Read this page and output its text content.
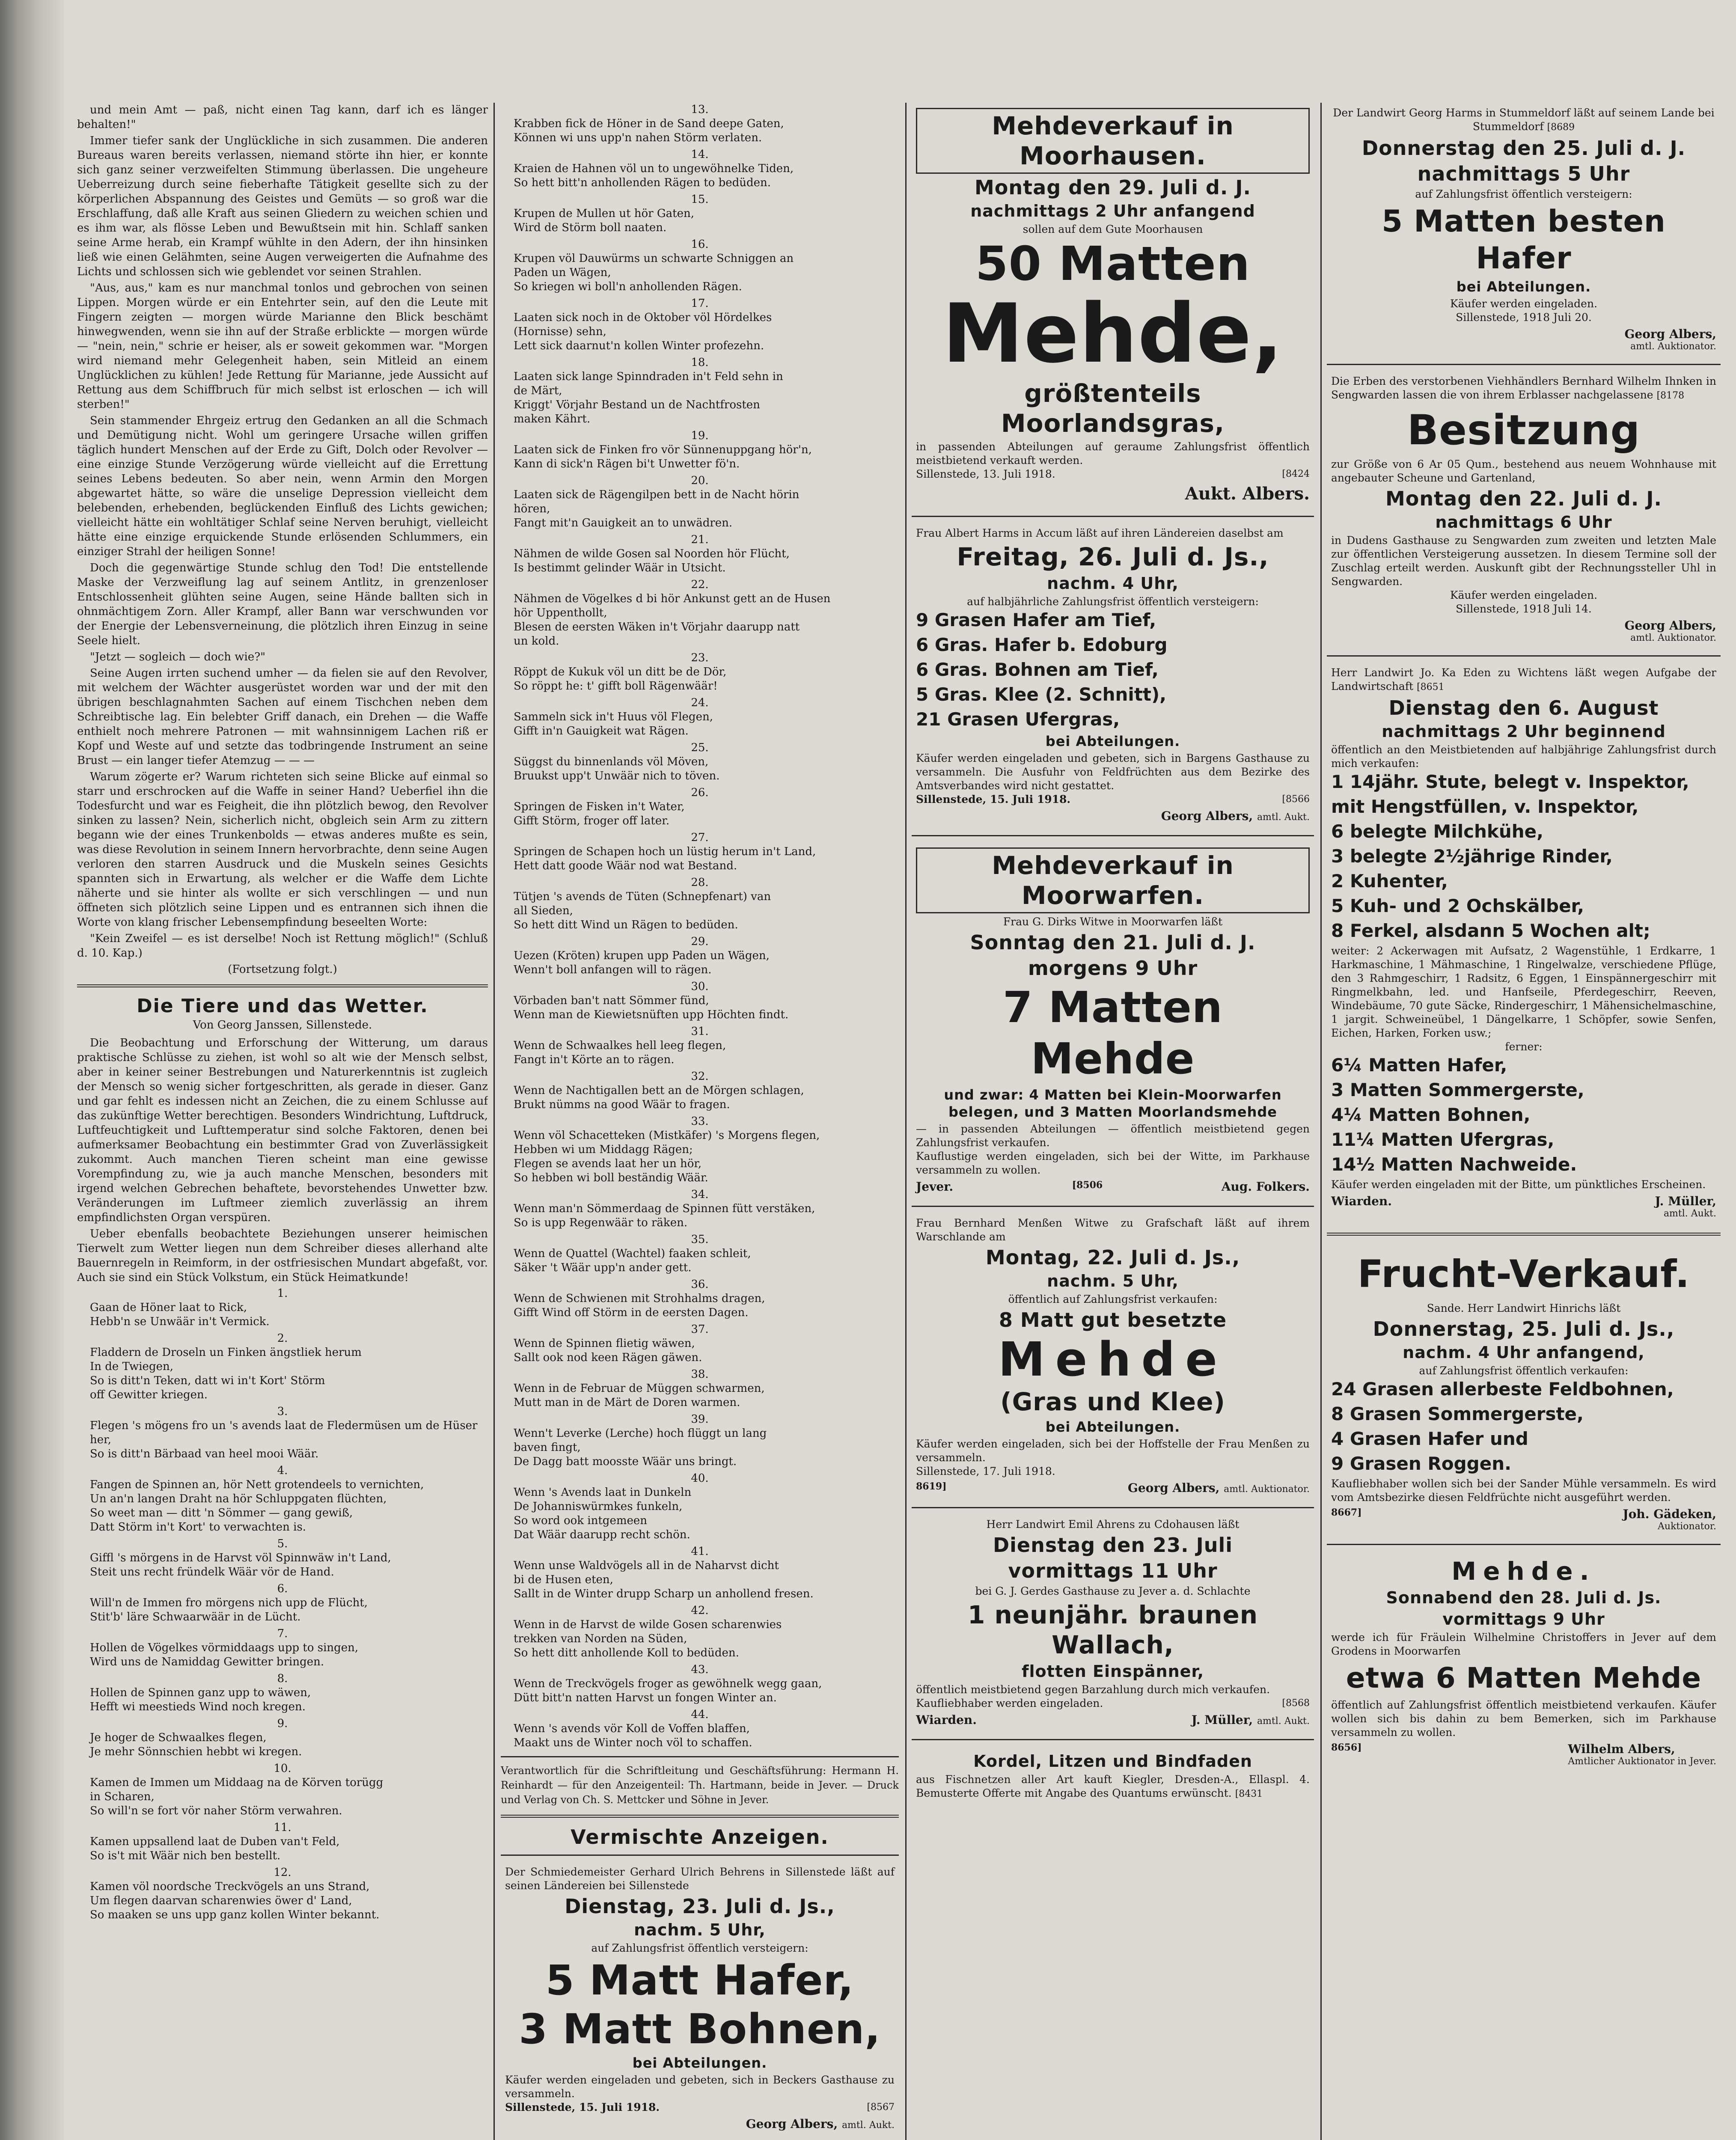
und mein Amt — paß, nicht einen Tag kann, darf ich es länger behalten!"

Immer tiefer sank der Unglückliche in sich zusammen. Die anderen Bureaus waren bereits verlassen, niemand störte ihn hier, er konnte sich ganz seiner verzweifelten Stimmung überlassen. Die ungeheure Ueberreizung durch seine fieberhafte Tätigkeit gesellte sich zu der körperlichen Abspannung des Geistes und Gemüts — so groß war die Erschlaffung, daß alle Kraft aus seinen Gliedern zu weichen schien und es ihm war, als flösse Leben und Bewußtsein mit hin. Schlaff sanken seine Arme herab, ein Krampf wühlte in den Adern, der ihn hinsinken ließ wie einen Gelähmten, seine Augen verweigerten die Aufnahme des Lichts und schlossen sich wie geblendet vor seinen Strahlen.

"Aus, aus," kam es nur manchmal tonlos und gebrochen von seinen Lippen. Morgen würde er ein Entehrter sein, auf den die Leute mit Fingern zeigten — morgen würde Marianne den Blick beschämt hinwegwenden, wenn sie ihn auf der Straße erblickte — morgen würde — "nein, nein," schrie er heiser, als er soweit gekommen war. "Morgen wird niemand mehr Gelegenheit haben, sein Mitleid an einem Unglücklichen zu kühlen! Jede Rettung für Marianne, jede Aussicht auf Rettung aus dem Schiffbruch für mich selbst ist erloschen — ich will sterben!"

Sein stammender Ehrgeiz ertrug den Gedanken an all die Schmach und Demütigung nicht. Wohl um geringere Ursache willen griffen täglich hundert Menschen auf der Erde zu Gift, Dolch oder Revolver — eine einzige Stunde Verzögerung würde vielleicht auf die Errettung seines Lebens bedeuten. So aber nein, wenn Armin den Morgen abgewartet hätte, so wäre die unselige Depression vielleicht dem belebenden, erhebenden, beglückenden Einfluß des Lichts gewichen; vielleicht hätte ein wohltätiger Schlaf seine Nerven beruhigt, vielleicht hätte eine einzige erquickende Stunde erlösenden Schlummers, ein einziger Strahl der heiligen Sonne!

Doch die gegenwärtige Stunde schlug den Tod! Die entstellende Maske der Verzweiflung lag auf seinem Antlitz, in grenzenloser Entschlossenheit glühten seine Augen, seine Hände ballten sich in ohnmächtigem Zorn. Aller Krampf, aller Bann war verschwunden vor der Energie der Lebensverneinung, die plötzlich ihren Einzug in seine Seele hielt.

"Jetzt — sogleich — doch wie?"

Seine Augen irrten suchend umher — da fielen sie auf den Revolver, mit welchem der Wächter ausgerüstet worden war und der mit den übrigen beschlagnahmten Sachen auf einem Tischchen neben dem Schreibtische lag. Ein belebter Griff danach, ein Drehen — die Waffe enthielt noch mehrere Patronen — mit wahnsinnigem Lachen riß er Kopf und Weste auf und setzte das todbringende Instrument an seine Brust — ein langer tiefer Atemzug — — —

Warum zögerte er? Warum richteten sich seine Blicke auf einmal so starr und erschrocken auf die Waffe in seiner Hand? Ueberfiel ihn die Todesfurcht und war es Feigheit, die ihn plötzlich bewog, den Revolver sinken zu lassen? Nein, sicherlich nicht, obgleich sein Arm zu zittern begann wie der eines Trunkenbolds — etwas anderes mußte es sein, was diese Revolution in seinem Innern hervorbrachte, denn seine Augen verloren den starren Ausdruck und die Muskeln seines Gesichts spannten sich in Erwartung, als welcher er die Waffe dem Lichte näherte und sie hinter als wollte er sich verschlingen — und nun öffneten sich plötzlich seine Lippen und es entrannen sich ihnen die Worte von klang frischer Lebensempfindung beseelten Worte:

"Kein Zweifel — es ist derselbe! Noch ist Rettung möglich!" (Schluß d. 10. Kap.)

(Fortsetzung folgt.)

Die Tiere und das Wetter.
Von Georg Janssen, Sillenstede.

Die Beobachtung und Erforschung der Witterung, um daraus praktische Schlüsse zu ziehen, ist wohl so alt wie der Mensch selbst, aber in keiner seiner Bestrebungen und Naturerkenntnis ist zugleich der Mensch so wenig sicher fortgeschritten, als gerade in dieser. Ganz und gar fehlt es indessen nicht an Zeichen, die zu einem Schlusse auf das zukünftige Wetter berechtigen. Besonders Windrichtung, Luftdruck, Luftfeuchtigkeit und Lufttemperatur sind solche Faktoren, denen bei aufmerksamer Beobachtung ein bestimmter Grad von Zuverlässigkeit zukommt. Auch manchen Tieren scheint man eine gewisse Vorempfindung zu, wie ja auch manche Menschen, besonders mit irgend welchen Gebrechen behaftete, bevorstehendes Unwetter bzw. Veränderungen im Luftmeer ziemlich zuverlässig an ihrem empfindlichsten Organ verspüren.

Ueber ebenfalls beobachtete Beziehungen unserer heimischen Tierwelt zum Wetter liegen nun dem Schreiber dieses allerhand alte Bauernregeln in Reimform, in der ostfriesischen Mundart abgefaßt, vor. Auch sie sind ein Stück Volkstum, ein Stück Heimatkunde!

1.
Gaan de Höner laat to Rick,
Hebb'n se Unwäär in't Vermick.
2.
Fladdern de Droseln un Finken ängstliek herum
In de Twiegen,
So is ditt'n Teken, datt wi in't Kort' Störm
off Gewitter kriegen.
3.
Flegen 's mögens fro un 's avends laat de Fledermüsen um de Hüser her,
So is ditt'n Bärbaad van heel mooi Wäär.
4.
Fangen de Spinnen an, hör Nett grotendeels to vernichten,
Un an'n langen Draht na hör Schluppgaten flüchten,
So weet man — ditt 'n Sömmer — gang gewiß,
Datt Störm in't Kort' to verwachten is.
5.
Giffl 's mörgens in de Harvst völ Spinnwäw in't Land,
Steit uns recht fründelk Wäär vör de Hand.
6.
Will'n de Immen fro mörgens nich upp de Flücht,
Stit'b' läre Schwaarwäär in de Lücht.
7.
Hollen de Vögelkes vörmiddaags upp to singen,
Wird uns de Namiddag Gewitter bringen.
8.
Hollen de Spinnen ganz upp to wäwen,
Hefft wi meestieds Wind noch kregen.
9.
Je hoger de Schwaalkes flegen,
Je mehr Sönnschien hebbt wi kregen.
10.
Kamen de Immen um Middaag na de Körven torügg
in Scharen,
So will'n se fort vör naher Störm verwahren.
11.
Kamen uppsallend laat de Duben van't Feld,
So is't mit Wäär nich ben bestellt.
12.
Kamen völ noordsche Treckvögels an uns Strand,
Um flegen daarvan scharenwies öwer d' Land,
So maaken se uns upp ganz kollen Winter bekannt.
13.
Krabben fick de Höner in de Sand deepe Gaten,
Können wi uns upp'n nahen Störm verlaten.
14.
Kraien de Hahnen völ un to ungewöhnelke Tiden,
So hett bitt'n anhollenden Rägen to bedüden.
15.
Krupen de Mullen ut hör Gaten,
Wird de Störm boll naaten.
16.
Krupen völ Dauwürms un schwarte Schniggen an
Paden un Wägen,
So kriegen wi boll'n anhollenden Rägen.
17.
Laaten sick noch in de Oktober völ Hördelkes
(Hornisse) sehn,
Lett sick daarnut'n kollen Winter profezehn.
18.
Laaten sick lange Spinndraden in't Feld sehn in
de Märt,
Kriggt' Vörjahr Bestand un de Nachtfrosten
maken Kährt.
19.
Laaten sick de Finken fro vör Sünnenuppgang hör'n,
Kann di sick'n Rägen bi't Unwetter fö'n.
20.
Laaten sick de Rägengilpen bett in de Nacht hörin
hören,
Fangt mit'n Gauigkeit an to unwädren.
21.
Nähmen de wilde Gosen sal Noorden hör Flücht,
Is bestimmt gelinder Wäär in Utsicht.
22.
Nähmen de Vögelkes d bi hör Ankunst gett an de Husen
hör Uppenthollt,
Blesen de eersten Wäken in't Vörjahr daarupp natt
un kold.
23.
Röppt de Kukuk völ un ditt be de Dör,
So röppt he: t' gifft boll Rägenwäär!
24.
Sammeln sick in't Huus völ Flegen,
Gifft in'n Gauigkeit wat Rägen.
25.
Süggst du binnenlands völ Möven,
Bruukst upp't Unwäär nich to töven.
26.
Springen de Fisken in't Water,
Gifft Störm, froger off later.
27.
Springen de Schapen hoch un lüstig herum in't Land,
Hett datt goode Wäär nod wat Bestand.
28.
Tütjen 's avends de Tüten (Schnepfenart) van
all Sieden,
So hett ditt Wind un Rägen to bedüden.
29.
Uezen (Kröten) krupen upp Paden un Wägen,
Wenn't boll anfangen will to rägen.
30.
Vörbaden ban't natt Sömmer fünd,
Wenn man de Kiewietsnüften upp Höchten findt.
31.
Wenn de Schwaalkes hell leeg flegen,
Fangt in't Körte an to rägen.
32.
Wenn de Nachtigallen bett an de Mörgen schlagen,
Brukt nümms na good Wäär to fragen.
33.
Wenn völ Schacetteken (Mistkäfer) 's Morgens flegen,
Hebben wi um Middagg Rägen;
Flegen se avends laat her un hör,
So hebben wi boll beständig Wäär.
34.
Wenn man'n Sömmerdaag de Spinnen fütt verstäken,
So is upp Regenwäär to räken.
35.
Wenn de Quattel (Wachtel) faaken schleit,
Säker 't Wäär upp'n ander gett.
36.
Wenn de Schwienen mit Strohhalms dragen,
Gifft Wind off Störm in de eersten Dagen.
37.
Wenn de Spinnen flietig wäwen,
Sallt ook nod keen Rägen gäwen.
38.
Wenn in de Februar de Müggen schwarmen,
Mutt man in de Märt de Doren warmen.
39.
Wenn't Leverke (Lerche) hoch flüggt un lang
baven fingt,
De Dagg batt moosste Wäär uns bringt.
40.
Wenn 's Avends laat in Dunkeln
De Johanniswürmkes funkeln,
So word ook intgemeen
Dat Wäär daarupp recht schön.
41.
Wenn unse Waldvögels all in de Naharvst dicht
bi de Husen eten,
Sallt in de Winter drupp Scharp un anhollend fresen.
42.
Wenn in de Harvst de wilde Gosen scharenwies
trekken van Norden na Süden,
So hett ditt anhollende Koll to bedüden.
43.
Wenn de Treckvögels froger as gewöhnelk wegg gaan,
Dütt bitt'n natten Harvst un fongen Winter an.
44.
Wenn 's avends vör Koll de Voffen blaffen,
Maakt uns de Winter noch völ to schaffen.

Verantwortlich für die Schriftleitung und Geschäftsführung: Hermann H. Reinhardt — für den Anzeigenteil: Th. Hartmann, beide in Jever. — Druck und Verlag von Ch. S. Mettcker und Söhne in Jever.

Vermischte Anzeigen.

Der Schmiedemeister Gerhard Ulrich Behrens in Sillenstede läßt auf seinen Ländereien bei Sillenstede

Dienstag, 23. Juli d. Js.,
nachm. 5 Uhr,

auf Zahlungsfrist öffentlich versteigern:

5 Matt Hafer,
3 Matt Bohnen,
bei Abteilungen.

Käufer werden eingeladen und gebeten, sich in Beckers Gasthause zu versammeln.

Sillenstede, 15. Juli 1918.	[8567

Georg Albers, amtl. Aukt.
Mehdeverkauf in Moorhausen.
Montag den 29. Juli d. J.
nachmittags 2 Uhr anfangend

sollen auf dem Gute Moorhausen

50 Matten
Mehde,
größtenteils Moorlandsgras,

in passenden Abteilungen auf geraume Zahlungsfrist öffentlich meistbietend verkauft werden.

Sillenstede, 13. Juli 1918.	[8424

Aukt. Albers.

Frau Albert Harms in Accum läßt auf ihren Ländereien daselbst am

Freitag, 26. Juli d. Js.,
nachm. 4 Uhr,

auf halbjährliche Zahlungsfrist öffentlich versteigern:

9 Grasen Hafer am Tief,
6 Gras. Hafer b. Edoburg
6 Gras. Bohnen am Tief,
5 Gras. Klee (2. Schnitt),
21 Grasen Ufergras,
bei Abteilungen.

Käufer werden eingeladen und gebeten, sich in Bargens Gasthause zu versammeln. Die Ausfuhr von Feldfrüchten aus dem Bezirke des Amtsverbandes wird nicht gestattet.

Sillenstede, 15. Juli 1918.	[8566

Georg Albers, amtl. Aukt.
Mehdeverkauf in Moorwarfen.

Frau G. Dirks Witwe in Moorwarfen läßt

Sonntag den 21. Juli d. J.
morgens 9 Uhr
7 Matten Mehde
und zwar: 4 Matten bei Klein-Moorwarfen belegen, und 3 Matten Moorlandsmehde

— in passenden Abteilungen — öffentlich meistbietend gegen Zahlungsfrist verkaufen.

Kauflustige werden eingeladen, sich bei der Witte, im Parkhause versammeln zu wollen.

Jever.	[8506	Aug. Folkers.

Frau Bernhard Menßen Witwe zu Grafschaft läßt auf ihrem Warschlande am

Montag, 22. Juli d. Js.,
nachm. 5 Uhr,

öffentlich auf Zahlungsfrist verkaufen:

8 Matt gut besetzte
Mehde
(Gras und Klee)
bei Abteilungen.

Käufer werden eingeladen, sich bei der Hoffstelle der Frau Menßen zu versammeln.

Sillenstede, 17. Juli 1918.

8619]	Georg Albers, amtl. Auktionator.

Herr Landwirt Emil Ahrens zu Cdohausen läßt

Dienstag den 23. Juli
vormittags 11 Uhr

bei G. J. Gerdes Gasthause zu Jever a. d. Schlachte

1 neunjähr. braunen Wallach,
flotten Einspänner,

öffentlich meistbietend gegen Barzahlung durch mich verkaufen.

Kaufliebhaber werden eingeladen.	[8568

Wiarden.	J. Müller, amtl. Aukt.
Kordel, Litzen und Bindfaden

aus Fischnetzen aller Art kauft Kiegler, Dresden-A., Ellaspl. 4. Bemusterte Offerte mit Angabe des Quantums erwünscht. [8431

Der Landwirt Georg Harms in Stummeldorf läßt auf seinem Lande bei Stummeldorf [8689

Donnerstag den 25. Juli d. J.
nachmittags 5 Uhr

auf Zahlungsfrist öffentlich versteigern:

5 Matten besten Hafer
bei Abteilungen.

Käufer werden eingeladen.

Sillenstede, 1918 Juli 20.

Georg Albers,
amtl. Auktionator.

Die Erben des verstorbenen Viehhändlers Bernhard Wilhelm Ihnken in Sengwarden lassen die von ihrem Erblasser nachgelassene [8178

Besitzung

zur Größe von 6 Ar 05 Qum., bestehend aus neuem Wohnhause mit angebauter Scheune und Gartenland,

Montag den 22. Juli d. J.
nachmittags 6 Uhr

in Dudens Gasthause zu Sengwarden zum zweiten und letzten Male zur öffentlichen Versteigerung aussetzen. In diesem Termine soll der Zuschlag erteilt werden. Auskunft gibt der Rechnungssteller Uhl in Sengwarden.

Käufer werden eingeladen.

Sillenstede, 1918 Juli 14.

Georg Albers,
amtl. Auktionator.

Herr Landwirt Jo. Ka Eden zu Wichtens läßt wegen Aufgabe der Landwirtschaft [8651

Dienstag den 6. August
nachmittags 2 Uhr beginnend

öffentlich an den Meistbietenden auf halbjährige Zahlungsfrist durch mich verkaufen:

1 14jähr. Stute, belegt v. Inspektor,
mit Hengstfüllen, v. Inspektor,
6 belegte Milchkühe,
3 belegte 2½jährige Rinder,
2 Kuhenter,
5 Kuh- und 2 Ochskälber,
8 Ferkel, alsdann 5 Wochen alt;

weiter: 2 Ackerwagen mit Aufsatz, 2 Wagenstühle, 1 Erdkarre, 1 Harkmaschine, 1 Mähmaschine, 1 Ringelwalze, verschiedene Pflüge, den 3 Rahmgeschirr, 1 Radsitz, 6 Eggen, 1 Einspännergeschirr mit Ringmelkbahn, led. und Hanfseile, Pferdegeschirr, Reeven, Windebäume, 70 gute Säcke, Rindergeschirr, 1 Mähensichelmaschine, 1 jargit. Schweineübel, 1 Dängelkarre, 1 Schöpfer, sowie Senfen, Eichen, Harken, Forken usw.;

ferner:

6¼ Matten Hafer,
3 Matten Sommergerste,
4¼ Matten Bohnen,
11¼ Matten Ufergras,
14½ Matten Nachweide.

Käufer werden eingeladen mit der Bitte, um pünktliches Erscheinen.

Wiarden.	J. Müller,
amtl. Aukt.
Frucht-Verkauf.

Sande. Herr Landwirt Hinrichs läßt

Donnerstag, 25. Juli d. Js.,
nachm. 4 Uhr anfangend,

auf Zahlungsfrist öffentlich verkaufen:

24 Grasen allerbeste Feldbohnen,
8 Grasen Sommergerste,
4 Grasen Hafer und
9 Grasen Roggen.

Kaufliebhaber wollen sich bei der Sander Mühle versammeln. Es wird vom Amtsbezirke diesen Feldfrüchte nicht ausgeführt werden.

8667]	Joh. Gädeken,
Auktionator.
Mehde.
Sonnabend den 28. Juli d. Js.
vormittags 9 Uhr

werde ich für Fräulein Wilhelmine Christoffers in Jever auf dem Grodens in Moorwarfen

etwa 6 Matten Mehde

öffentlich auf Zahlungsfrist öffentlich meistbietend verkaufen. Käufer wollen sich bis dahin zu bem Bemerken, sich im Parkhause versammeln zu wollen.

8656]	Wilhelm Albers,
Amtlicher Auktionator in Jever.
